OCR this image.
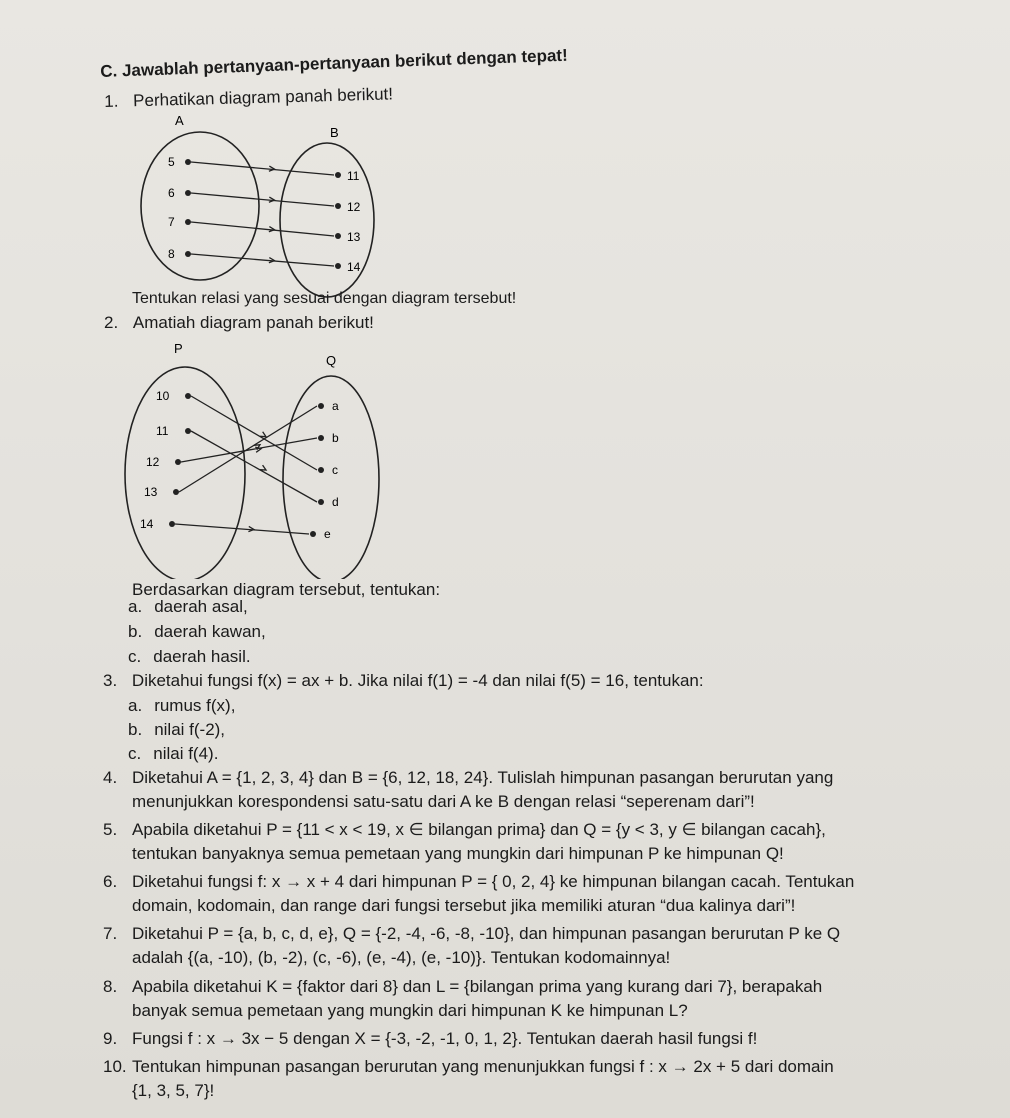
C. Jawablah pertanyaan-pertanyaan berikut dengan tepat!
1. Perhatikan diagram panah berikut!
A
B
5
6
7
8
11
12
13
14
Tentukan relasi yang sesuai dengan diagram tersebut!
2. Amatiah diagram panah berikut!
P
Q
10
11
12
13
14
a
b
c
d
e
Berdasarkan diagram tersebut, tentukan:
a. daerah asal,
b. daerah kawan,
c. daerah hasil.
3. Diketahui fungsi f(x) = ax + b. Jika nilai f(1) = -4 dan nilai f(5) = 16, tentukan:
a. rumus f(x),
b. nilai f(-2),
c. nilai f(4).
4. Diketahui A = {1, 2, 3, 4} dan B = {6, 12, 18, 24}. Tulislah himpunan pasangan berurutan yang
menunjukkan korespondensi satu-satu dari A ke B dengan relasi “seperenam dari”!
5. Apabila diketahui P = {11 < x < 19, x ∈ bilangan prima} dan Q = {y < 3, y ∈ bilangan cacah},
tentukan banyaknya semua pemetaan yang mungkin dari himpunan P ke himpunan Q!
6. Diketahui fungsi f: x → x + 4 dari himpunan P = { 0, 2, 4} ke himpunan bilangan cacah. Tentukan
domain, kodomain, dan range dari fungsi tersebut jika memiliki aturan “dua kalinya dari”!
7. Diketahui P = {a, b, c, d, e}, Q = {-2, -4, -6, -8, -10}, dan himpunan pasangan berurutan P ke Q
adalah {(a, -10), (b, -2), (c, -6), (e, -4), (e, -10)}. Tentukan kodomainnya!
8. Apabila diketahui K = {faktor dari 8} dan L = {bilangan prima yang kurang dari 7}, berapakah
banyak semua pemetaan yang mungkin dari himpunan K ke himpunan L?
9. Fungsi f : x → 3x − 5 dengan X = {-3, -2, -1, 0, 1, 2}. Tentukan daerah hasil fungsi f!
10. Tentukan himpunan pasangan berurutan yang menunjukkan fungsi f : x → 2x + 5 dari domain
{1, 3, 5, 7}!
